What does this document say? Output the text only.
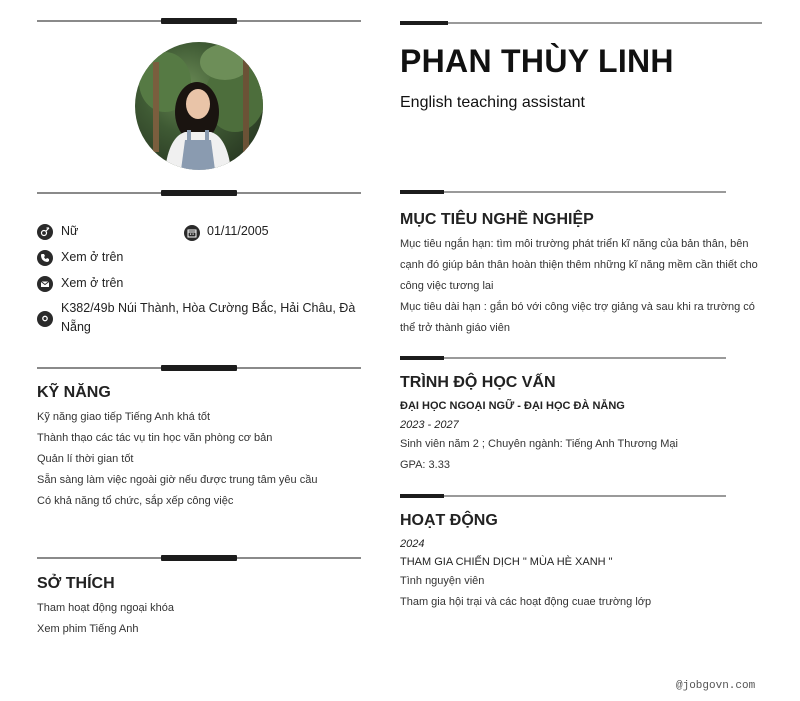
Nữ	01/11/2005
Xem ở trên
Xem ở trên
K382/49b Núi Thành, Hòa Cường Bắc, Hải Châu, Đà
Nẵng
KỸ NĂNG
Kỹ năng giao tiếp Tiếng Anh khá tốt
Thành thạo các tác vụ tin học văn phòng cơ bản
Quản lí thời gian tốt
Sẵn sàng làm việc ngoài giờ nếu được trung tâm yêu cầu
Có khả năng tổ chức, sắp xếp công việc
SỞ THÍCH
Tham hoạt động ngoại khóa
Xem phim Tiếng Anh
PHAN THÙY LINH
English teaching assistant
MỤC TIÊU NGHỀ NGHIỆP
Mục tiêu ngắn hạn: tìm môi trường phát triển kĩ năng của bản thân, bên
cạnh đó giúp bản thân hoàn thiện thêm những kĩ năng mềm cần thiết cho
công việc tương lai
Mục tiêu dài hạn : gắn bó với công việc trợ giảng và sau khi ra trường có
thể trở thành giáo viên
TRÌNH ĐỘ HỌC VẤN
ĐẠI HỌC NGOẠI NGỮ - ĐẠI HỌC ĐÀ NẴNG
2023 - 2027
Sinh viên năm 2 ; Chuyên ngành: Tiếng Anh Thương Mại
GPA: 3.33
HOẠT ĐỘNG
2024
THAM GIA CHIẾN DỊCH " MÙA HÈ XANH "
Tình nguyện viên
Tham gia hội trại và các hoạt động cuae trường lớp
@jobgovn.com
